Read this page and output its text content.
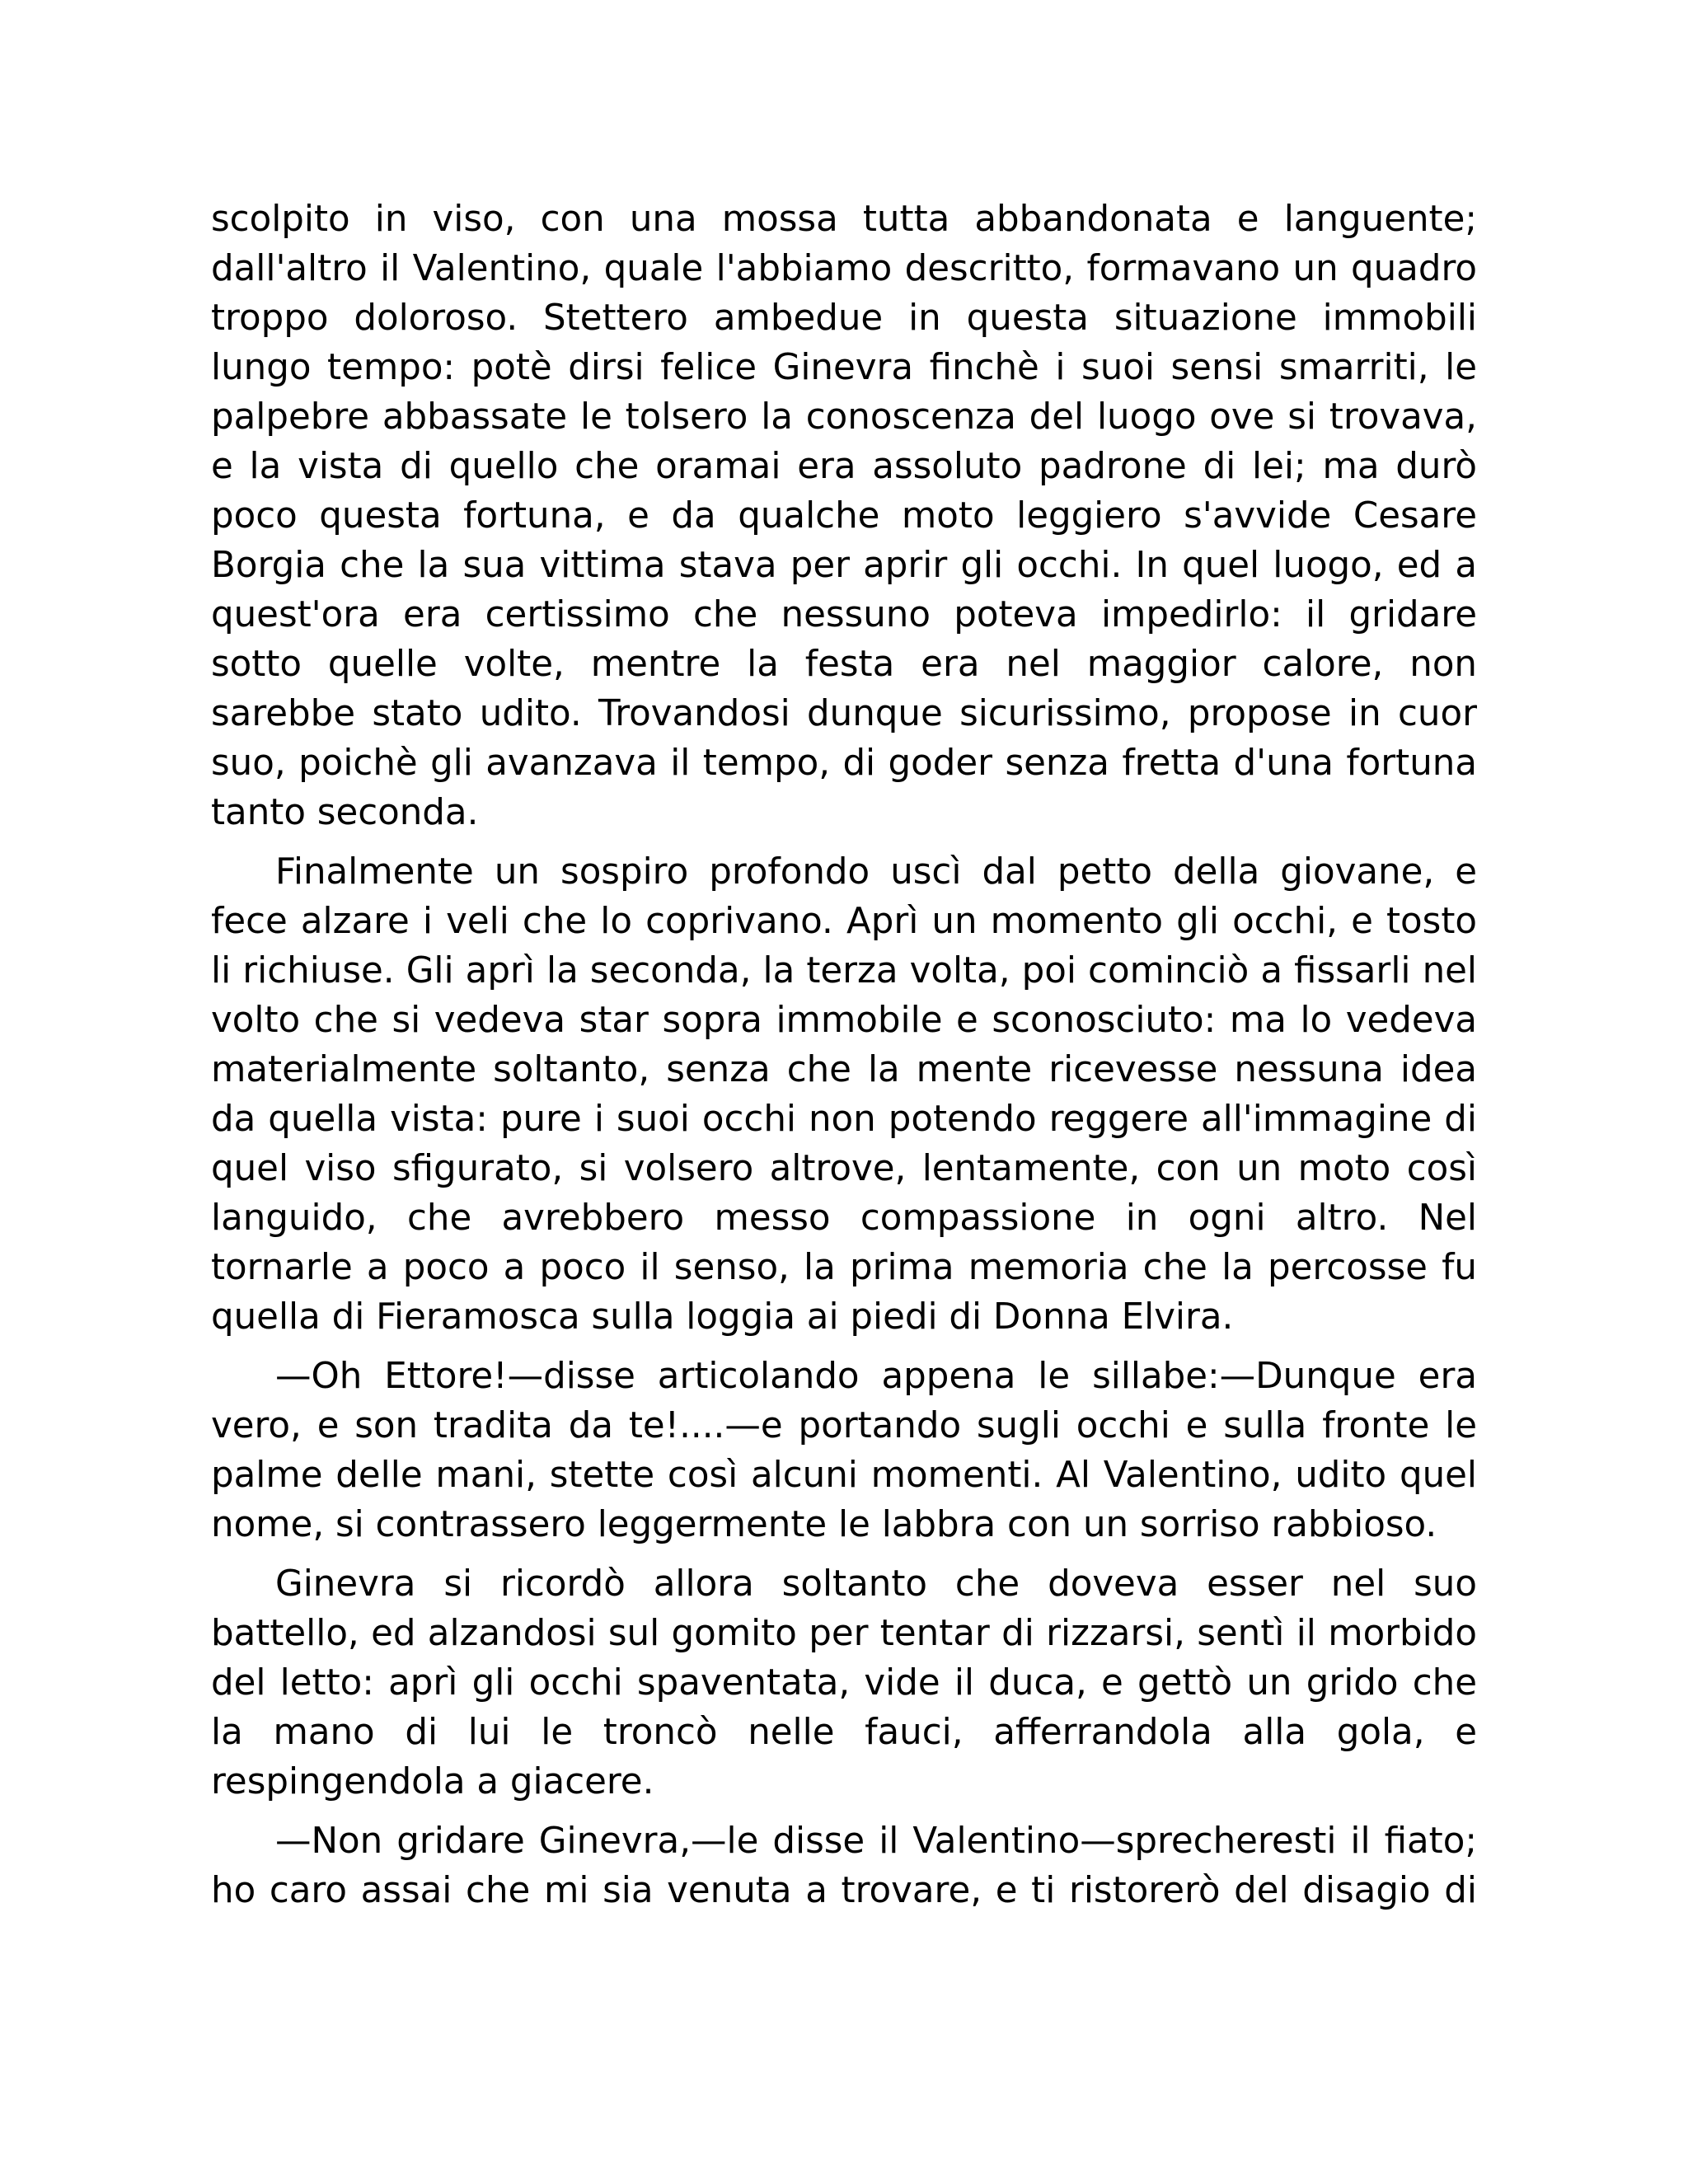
scolpito in viso, con una mossa tutta abbandonata e languente; dall'altro il Valentino, quale l'abbiamo descritto, formavano un quadro troppo doloroso. Stettero ambedue in questa situazione immobili lungo tempo: potè dirsi felice Ginevra finchè i suoi sensi smarriti, le palpebre abbassate le tolsero la conoscenza del luogo ove si trovava, e la vista di quello che oramai era assoluto padrone di lei; ma durò poco questa fortuna, e da qualche moto leggiero s'avvide Cesare Borgia che la sua vittima stava per aprir gli occhi. In quel luogo, ed a quest'ora era certissimo che nessuno poteva impedirlo: il gridare sotto quelle volte, mentre la festa era nel maggior calore, non sarebbe stato udito. Trovandosi dunque sicurissimo, propose in cuor suo, poichè gli avanzava il tempo, di goder senza fretta d'una fortuna tanto seconda.

Finalmente un sospiro profondo uscì dal petto della giovane, e fece alzare i veli che lo coprivano. Aprì un momento gli occhi, e tosto li richiuse. Gli aprì la seconda, la terza volta, poi cominciò a fissarli nel volto che si vedeva star sopra immobile e sconosciuto: ma lo vedeva materialmente soltanto, senza che la mente ricevesse nessuna idea da quella vista: pure i suoi occhi non potendo reggere all'immagine di quel viso sfigurato, si volsero altrove, lentamente, con un moto così languido, che avrebbero messo compassione in ogni altro. Nel tornarle a poco a poco il senso, la prima memoria che la percosse fu quella di Fieramosca sulla loggia ai piedi di Donna Elvira.

—Oh Ettore!—disse articolando appena le sillabe:—Dunque era vero, e son tradita da te!....—e portando sugli occhi e sulla fronte le palme delle mani, stette così alcuni momenti. Al Valentino, udito quel nome, si contrassero leggermente le labbra con un sorriso rabbioso.

Ginevra si ricordò allora soltanto che doveva esser nel suo battello, ed alzandosi sul gomito per tentar di rizzarsi, sentì il morbido del letto: aprì gli occhi spaventata, vide il duca, e gettò un grido che la mano di lui le troncò nelle fauci, afferrandola alla gola, e respingendola a giacere.

—Non gridare Ginevra,—le disse il Valentino—sprecheresti il fiato; ho caro assai che mi sia venuta a trovare, e ti ristorerò del disagio di
